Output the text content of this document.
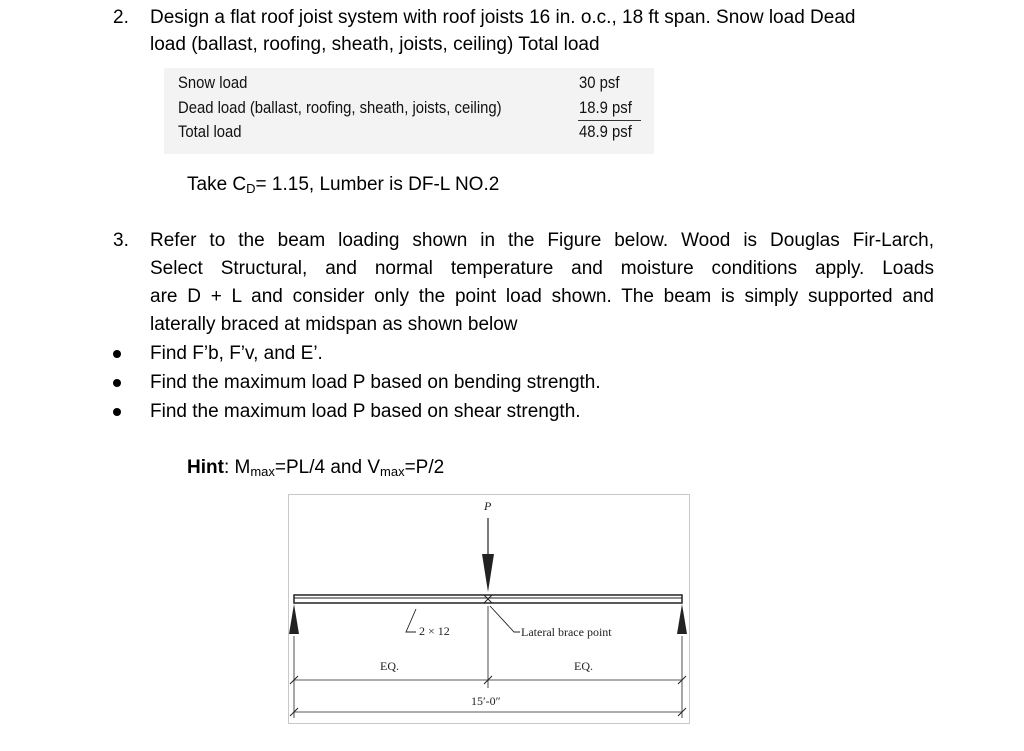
2. Design a flat roof joist system with roof joists 16 in. o.c., 18 ft span. Snow load Dead
load (ballast, roofing, sheath, joists, ceiling) Total load
Snow load	30 psf
Dead load (ballast, roofing, sheath, joists, ceiling)	18.9 psf
Total load	48.9 psf
Take $C_D= 1.15$, Lumber is DF-L NO.2
3. Refer to the beam loading shown in the Figure below. Wood is Douglas Fir-Larch,
Select Structural, and normal temperature and moisture conditions apply. Loads
are D + L and consider only the point load shown. The beam is simply supported and
laterally braced at midspan as shown below
Find F’b, F’v, and E’.
Find the maximum load P based on bending strength.
Find the maximum load P based on shear strength.
Hint: $M_{max}=PL/4$ and $V_{max}=P/2$
P
2 × 12	Lateral brace point
EQ.	EQ.
15′-0″
